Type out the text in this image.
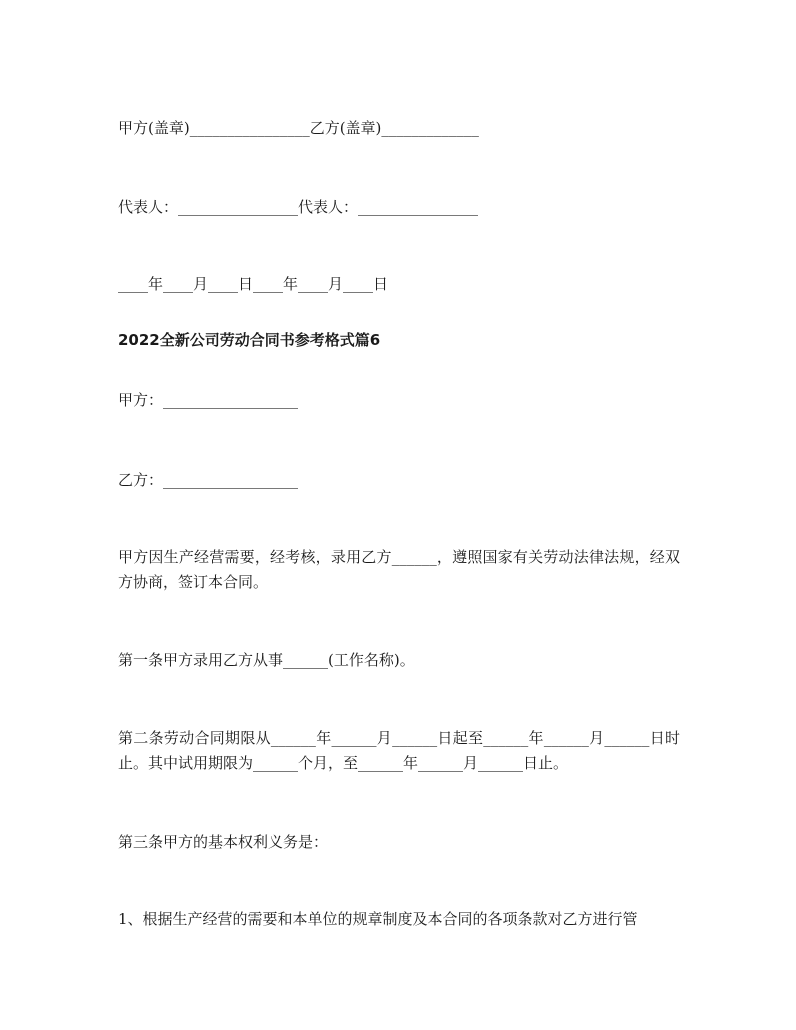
甲方(盖章)________________乙方(盖章)_____________
代表人：________________代表人：________________
____年____月____日____年____月____日
2022全新公司劳动合同书参考格式篇6
甲方：__________________
乙方：__________________
甲方因生产经营需要，经考核，录用乙方______，遵照国家有关劳动法律法规，经双方协商，签订本合同。
第一条甲方录用乙方从事______(工作名称)。
第二条劳动合同期限从______年______月______日起至______年______月______日时止。其中试用期限为______个月，至______年______月______日止。
第三条甲方的基本权利义务是：
1、根据生产经营的需要和本单位的规章制度及本合同的各项条款对乙方进行管
